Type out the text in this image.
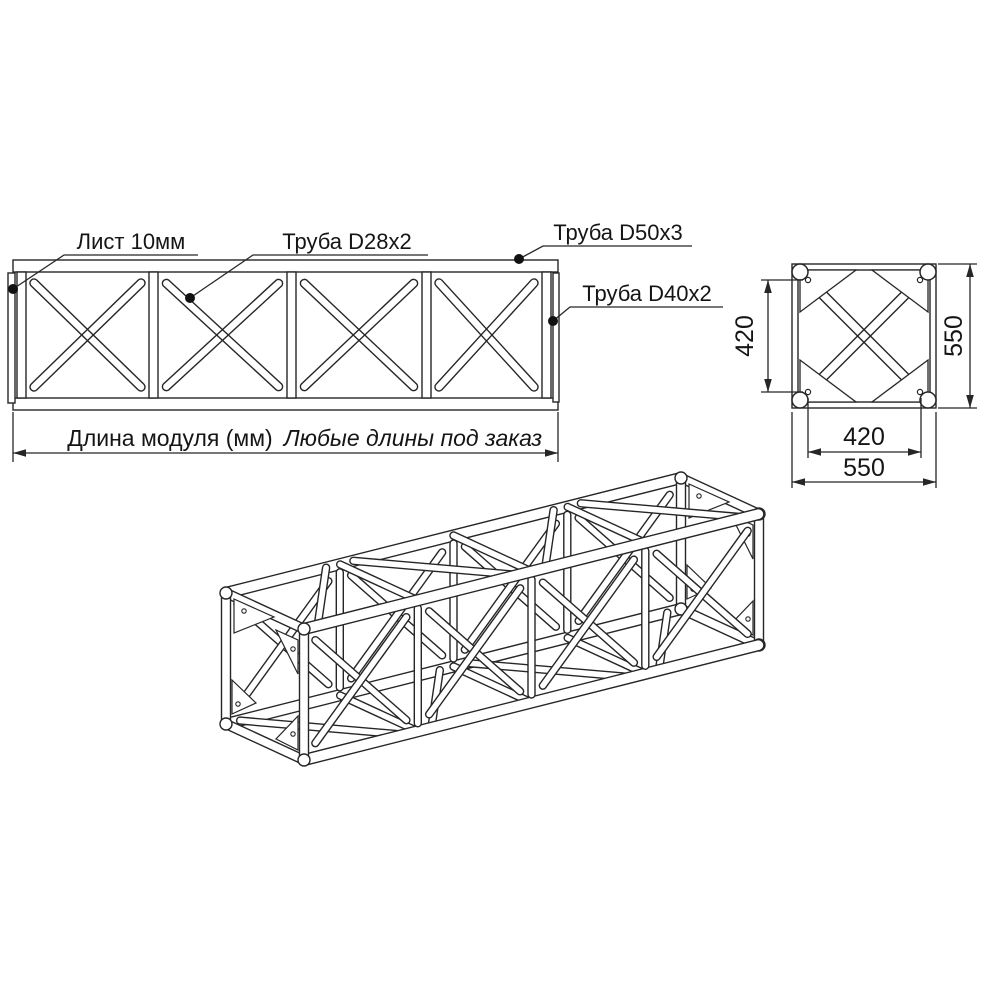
Лист 10мм	Труба D28x2	Труба D50x3
Труба D40x2
Длина модуля (мм) Любые длины под заказ
420	550
420
550
